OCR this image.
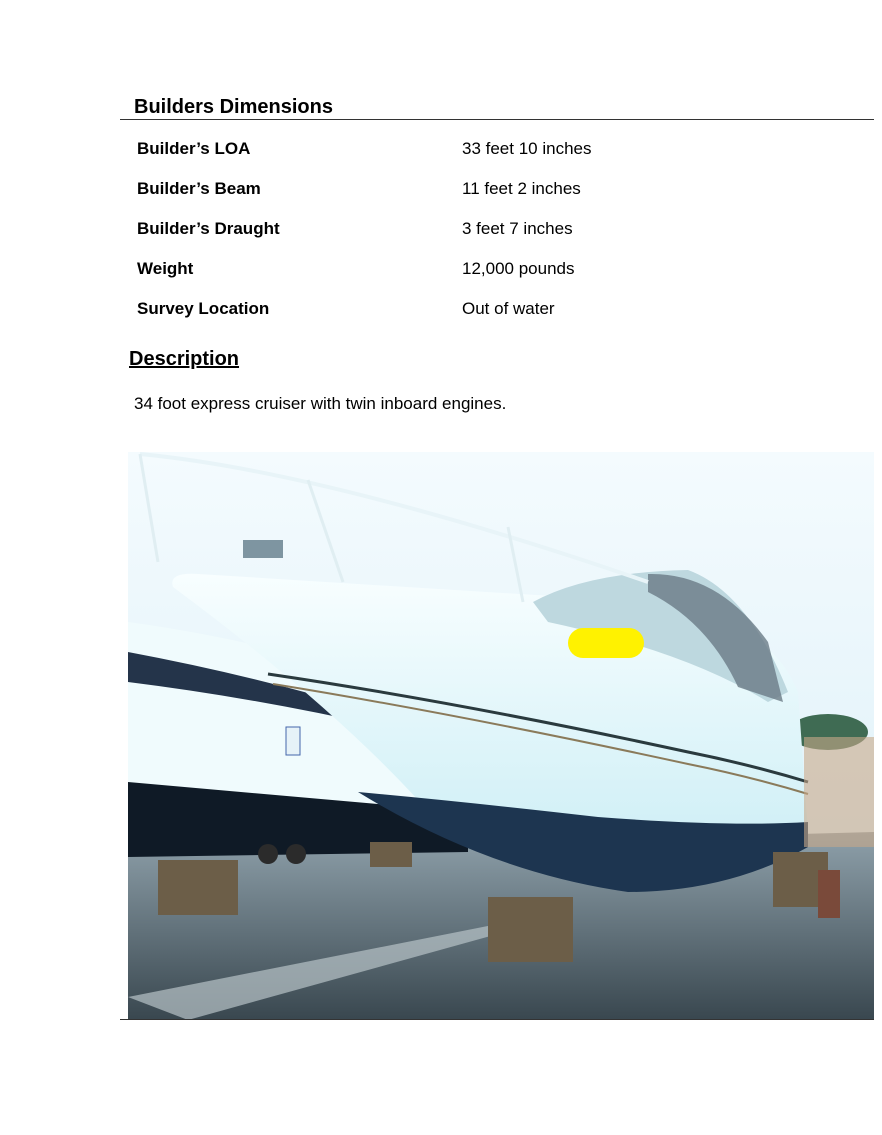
Builders Dimensions
Builder’s LOA	33 feet 10 inches
Builder’s Beam	11 feet 2 inches
Builder’s Draught	3 feet 7 inches
Weight	12,000 pounds
Survey Location	Out of water
Description
34 foot express cruiser with twin inboard engines.
